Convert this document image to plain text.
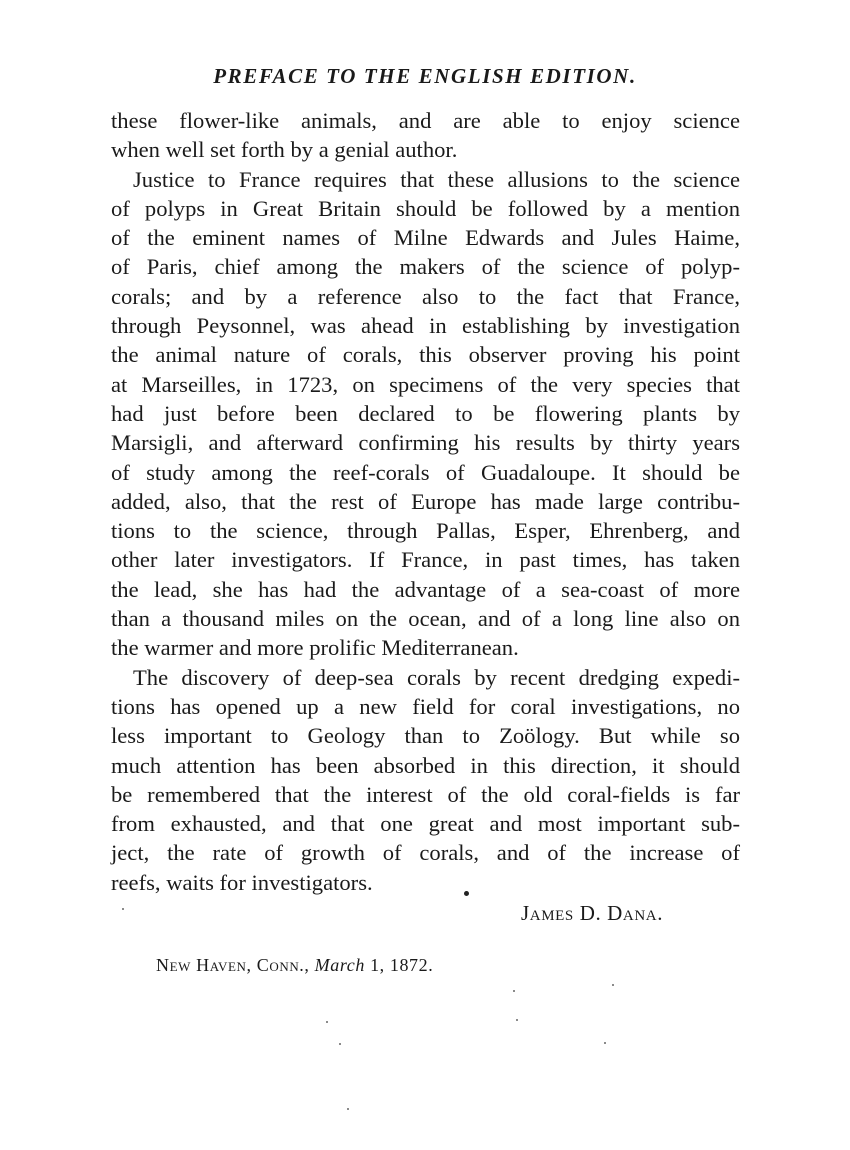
PREFACE TO THE ENGLISH EDITION.

these flower-like animals, and are able to enjoy science
when well set forth by a genial author.

Justice to France requires that these allusions to the science
of polyps in Great Britain should be followed by a mention
of the eminent names of Milne Edwards and Jules Haime,
of Paris, chief among the makers of the science of polyp-
corals; and by a reference also to the fact that France,
through Peysonnel, was ahead in establishing by investigation
the animal nature of corals, this observer proving his point
at Marseilles, in 1723, on specimens of the very species that
had just before been declared to be flowering plants by
Marsigli, and afterward confirming his results by thirty years
of study among the reef-corals of Guadaloupe. It should be
added, also, that the rest of Europe has made large contribu-
tions to the science, through Pallas, Esper, Ehrenberg, and
other later investigators. If France, in past times, has taken
the lead, she has had the advantage of a sea-coast of more
than a thousand miles on the ocean, and of a long line also on
the warmer and more prolific Mediterranean.

The discovery of deep-sea corals by recent dredging expedi-
tions has opened up a new field for coral investigations, no
less important to Geology than to Zoölogy. But while so
much attention has been absorbed in this direction, it should
be remembered that the interest of the old coral-fields is far
from exhausted, and that one great and most important sub-
ject, the rate of growth of corals, and of the increase of
reefs, waits for investigators.

James D. Dana.
New Haven, Conn., March 1, 1872.
